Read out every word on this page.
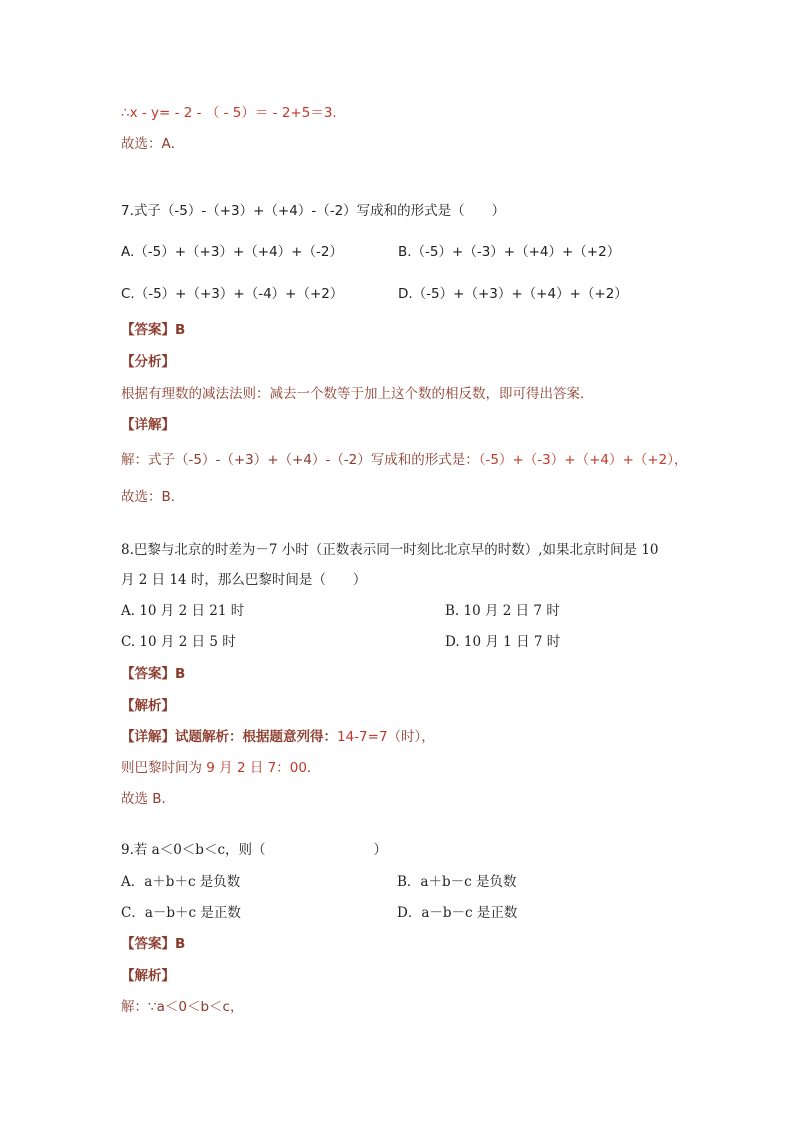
∴x - y= - 2 - （ - 5）＝ - 2+5＝3．
故选：A．
7.式子（-5）-（+3）+（+4）-（-2）写成和的形式是（　　）
A.（-5）+（+3）+（+4）+（-2）	B.（-5）+（-3）+（+4）+（+2）
C.（-5）+（+3）+（-4）+（+2）	D.（-5）+（+3）+（+4）+（+2）
【答案】B
【分析】
根据有理数的减法法则：减去一个数等于加上这个数的相反数，即可得出答案．
【详解】
解：式子（-5）-（+3）+（+4）-（-2）写成和的形式是：（-5）+（-3）+（+4）+（+2），
故选：B．
8.巴黎与北京的时差为－7 小时（正数表示同一时刻比北京早的时数）,如果北京时间是 10
月 2 日 14 时，那么巴黎时间是（　　）
A. 10 月 2 日 21 时	B. 10 月 2 日 7 时
C. 10 月 2 日 5 时	D. 10 月 1 日 7 时
【答案】B
【解析】
【详解】试题解析：根据题意列得：14-7=7（时），
则巴黎时间为 9 月 2 日 7：00．
故选 B．
9.若 a＜0＜b＜c，则（　　　　　　　　）
A．a＋b＋c 是负数	B．a＋b－c 是负数
C．a－b＋c 是正数	D．a－b－c 是正数
【答案】B
【解析】
解：∵a＜0＜b＜c，
